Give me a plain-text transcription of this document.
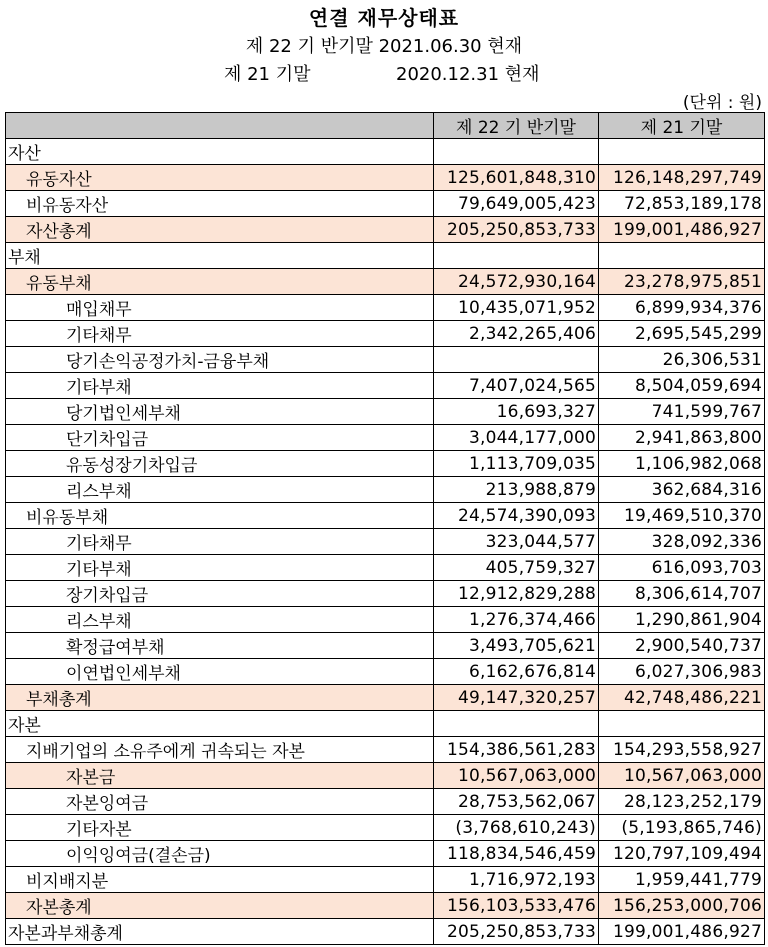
연결 재무상태표
제 22 기 반기말 2021.06.30 현재
제 21 기말	2020.12.31 현재
(단위 : 원)
	제 22 기 반기말	제 21 기말
자산		
유동자산	125,601,848,310	126,148,297,749
비유동자산	79,649,005,423	72,853,189,178
자산총계	205,250,853,733	199,001,486,927
부채		
유동부채	24,572,930,164	23,278,975,851
매입채무	10,435,071,952	6,899,934,376
기타채무	2,342,265,406	2,695,545,299
당기손익공정가치-금융부채		26,306,531
기타부채	7,407,024,565	8,504,059,694
당기법인세부채	16,693,327	741,599,767
단기차입금	3,044,177,000	2,941,863,800
유동성장기차입금	1,113,709,035	1,106,982,068
리스부채	213,988,879	362,684,316
비유동부채	24,574,390,093	19,469,510,370
기타채무	323,044,577	328,092,336
기타부채	405,759,327	616,093,703
장기차입금	12,912,829,288	8,306,614,707
리스부채	1,276,374,466	1,290,861,904
확정급여부채	3,493,705,621	2,900,540,737
이연법인세부채	6,162,676,814	6,027,306,983
부채총계	49,147,320,257	42,748,486,221
자본		
지배기업의 소유주에게 귀속되는 자본	154,386,561,283	154,293,558,927
자본금	10,567,063,000	10,567,063,000
자본잉여금	28,753,562,067	28,123,252,179
기타자본	(3,768,610,243)	(5,193,865,746)
이익잉여금(결손금)	118,834,546,459	120,797,109,494
비지배지분	1,716,972,193	1,959,441,779
자본총계	156,103,533,476	156,253,000,706
자본과부채총계	205,250,853,733	199,001,486,927
